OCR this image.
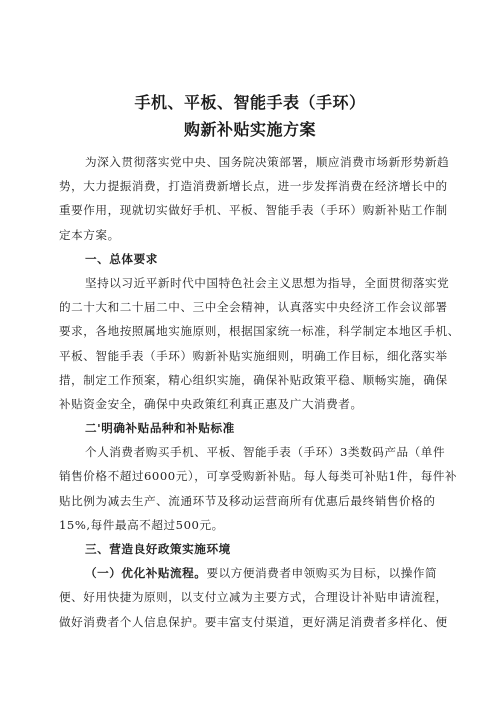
手机、平板、智能手表（手环）
购新补贴实施方案
为深入贯彻落实党中央、国务院决策部署，顺应消费市场新形势新趋
势，大力提振消费，打造消费新增长点，进一步发挥消费在经济增长中的
重要作用，现就切实做好手机、平板、智能手表（手环）购新补贴工作制
定本方案。
一、总体要求
坚持以习近平新时代中国特色社会主义思想为指导，全面贯彻落实党
的二十大和二十届二中、三中全会精神，认真落实中央经济工作会议部署
要求，各地按照属地实施原则，根据国家统一标准，科学制定本地区手机、
平板、智能手表（手环）购新补贴实施细则，明确工作目标，细化落实举
措，制定工作预案，精心组织实施，确保补贴政策平稳、顺畅实施，确保
补贴资金安全，确保中央政策红利真正惠及广大消费者。
二'明确补贴品种和补贴标准
个人消费者购买手机、平板、智能手表（手环）3类数码产品（单件
销售价格不超过6000元），可享受购新补贴。每人每类可补贴1件，每件补
贴比例为减去生产、流通环节及移动运营商所有优惠后最终销售价格的
15%,每件最高不超过500元。
三、营造良好政策实施环境
（一）优化补贴流程。要以方便消费者申领购买为目标，以操作简
便、好用快捷为原则，以支付立减为主要方式，合理设计补贴申请流程，
做好消费者个人信息保护。要丰富支付渠道，更好满足消费者多样化、便
